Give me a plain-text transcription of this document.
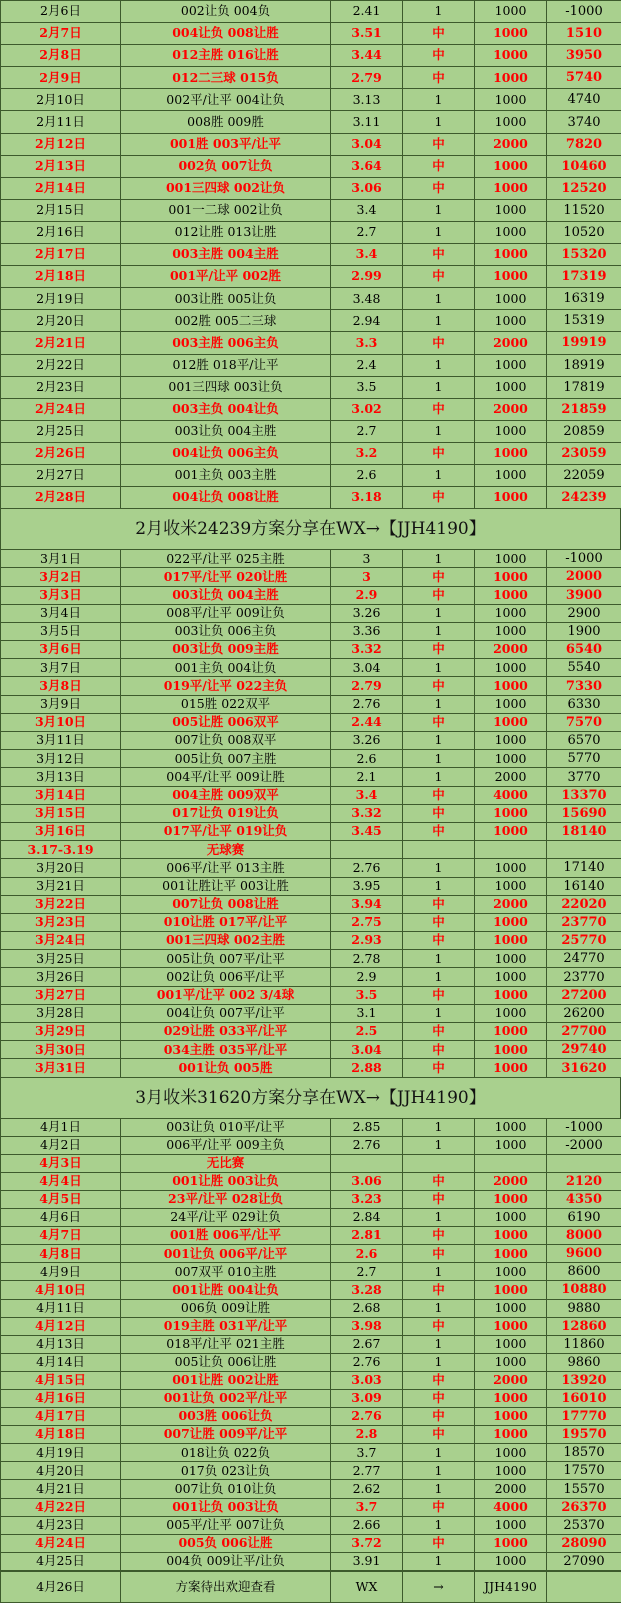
2月6日	002让负 004负	2.41	1	1000	-1000
2月7日	004让负 008让胜	3.51	中	1000	1510
2月8日	012主胜 016让胜	3.44	中	1000	3950
2月9日	012二三球 015负	2.79	中	1000	5740
2月10日	002平/让平 004让负	3.13	1	1000	4740
2月11日	008胜 009胜	3.11	1	1000	3740
2月12日	001胜 003平/让平	3.04	中	2000	7820
2月13日	002负 007让负	3.64	中	1000	10460
2月14日	001三四球 002让负	3.06	中	1000	12520
2月15日	001一二球 002让负	3.4	1	1000	11520
2月16日	012让胜 013让胜	2.7	1	1000	10520
2月17日	003主胜 004主胜	3.4	中	1000	15320
2月18日	001平/让平 002胜	2.99	中	1000	17319
2月19日	003让胜 005让负	3.48	1	1000	16319
2月20日	002胜 005二三球	2.94	1	1000	15319
2月21日	003主胜 006主负	3.3	中	2000	19919
2月22日	012胜 018平/让平	2.4	1	1000	18919
2月23日	001三四球 003让负	3.5	1	1000	17819
2月24日	003主负 004让负	3.02	中	2000	21859
2月25日	003让负 004主胜	2.7	1	1000	20859
2月26日	004让负 006主负	3.2	中	1000	23059
2月27日	001主负 003主胜	2.6	1	1000	22059
2月28日	004让负 008让胜	3.18	中	1000	24239
2月收米24239方案分享在WX→【JJH4190】
3月1日	022平/让平 025主胜	3	1	1000	-1000
3月2日	017平/让平 020让胜	3	中	1000	2000
3月3日	003让负 004主胜	2.9	中	1000	3900
3月4日	008平/让平 009让负	3.26	1	1000	2900
3月5日	003让负 006主负	3.36	1	1000	1900
3月6日	003让负 009主胜	3.32	中	2000	6540
3月7日	001主负 004让负	3.04	1	1000	5540
3月8日	019平/让平 022主负	2.79	中	1000	7330
3月9日	015胜 022双平	2.76	1	1000	6330
3月10日	005让胜 006双平	2.44	中	1000	7570
3月11日	007让负 008双平	3.26	1	1000	6570
3月12日	005让负 007主胜	2.6	1	1000	5770
3月13日	004平/让平 009让胜	2.1	1	2000	3770
3月14日	004主胜 009双平	3.4	中	4000	13370
3月15日	017让负 019让负	3.32	中	1000	15690
3月16日	017平/让平 019让负	3.45	中	1000	18140
3.17-3.19	无球赛				
3月20日	006平/让平 013主胜	2.76	1	1000	17140
3月21日	001让胜让平 003让胜	3.95	1	1000	16140
3月22日	007让负 008让胜	3.94	中	2000	22020
3月23日	010让胜 017平/让平	2.75	中	1000	23770
3月24日	001三四球 002主胜	2.93	中	1000	25770
3月25日	005让负 007平/让平	2.78	1	1000	24770
3月26日	002让负 006平/让平	2.9	1	1000	23770
3月27日	001平/让平 002 3/4球	3.5	中	1000	27200
3月28日	004让负 007平/让平	3.1	1	1000	26200
3月29日	029让胜 033平/让平	2.5	中	1000	27700
3月30日	034主胜 035平/让平	3.04	中	1000	29740
3月31日	001让负 005胜	2.88	中	1000	31620
3月收米31620方案分享在WX→【JJH4190】
4月1日	003让负 010平/让平	2.85	1	1000	-1000
4月2日	006平/让平 009主负	2.76	1	1000	-2000
4月3日	无比赛				
4月4日	001让胜 003让负	3.06	中	2000	2120
4月5日	23平/让平 028让负	3.23	中	1000	4350
4月6日	24平/让平 029让负	2.84	1	1000	6190
4月7日	001胜 006平/让平	2.81	中	1000	8000
4月8日	001让负 006平/让平	2.6	中	1000	9600
4月9日	007双平 010主胜	2.7	1	1000	8600
4月10日	001让胜 004让负	3.28	中	1000	10880
4月11日	006负 009让胜	2.68	1	1000	9880
4月12日	019主胜 031平/让平	3.98	中	1000	12860
4月13日	018平/让平 021主胜	2.67	1	1000	11860
4月14日	005让负 006让胜	2.76	1	1000	9860
4月15日	001让胜 002让胜	3.03	中	2000	13920
4月16日	001让负 002平/让平	3.09	中	1000	16010
4月17日	003胜 006让负	2.76	中	1000	17770
4月18日	007让胜 009平/让平	2.8	中	1000	19570
4月19日	018让负 022负	3.7	1	1000	18570
4月20日	017负 023让负	2.77	1	1000	17570
4月21日	007让负 010让负	2.62	1	2000	15570
4月22日	001让负 003让负	3.7	中	4000	26370
4月23日	005平/让平 007让负	2.66	1	1000	25370
4月24日	005负 006让胜	3.72	中	1000	28090
4月25日	004负 009让平/让负	3.91	1	1000	27090
4月26日	方案待出欢迎查看	WX	→	JJH4190	
